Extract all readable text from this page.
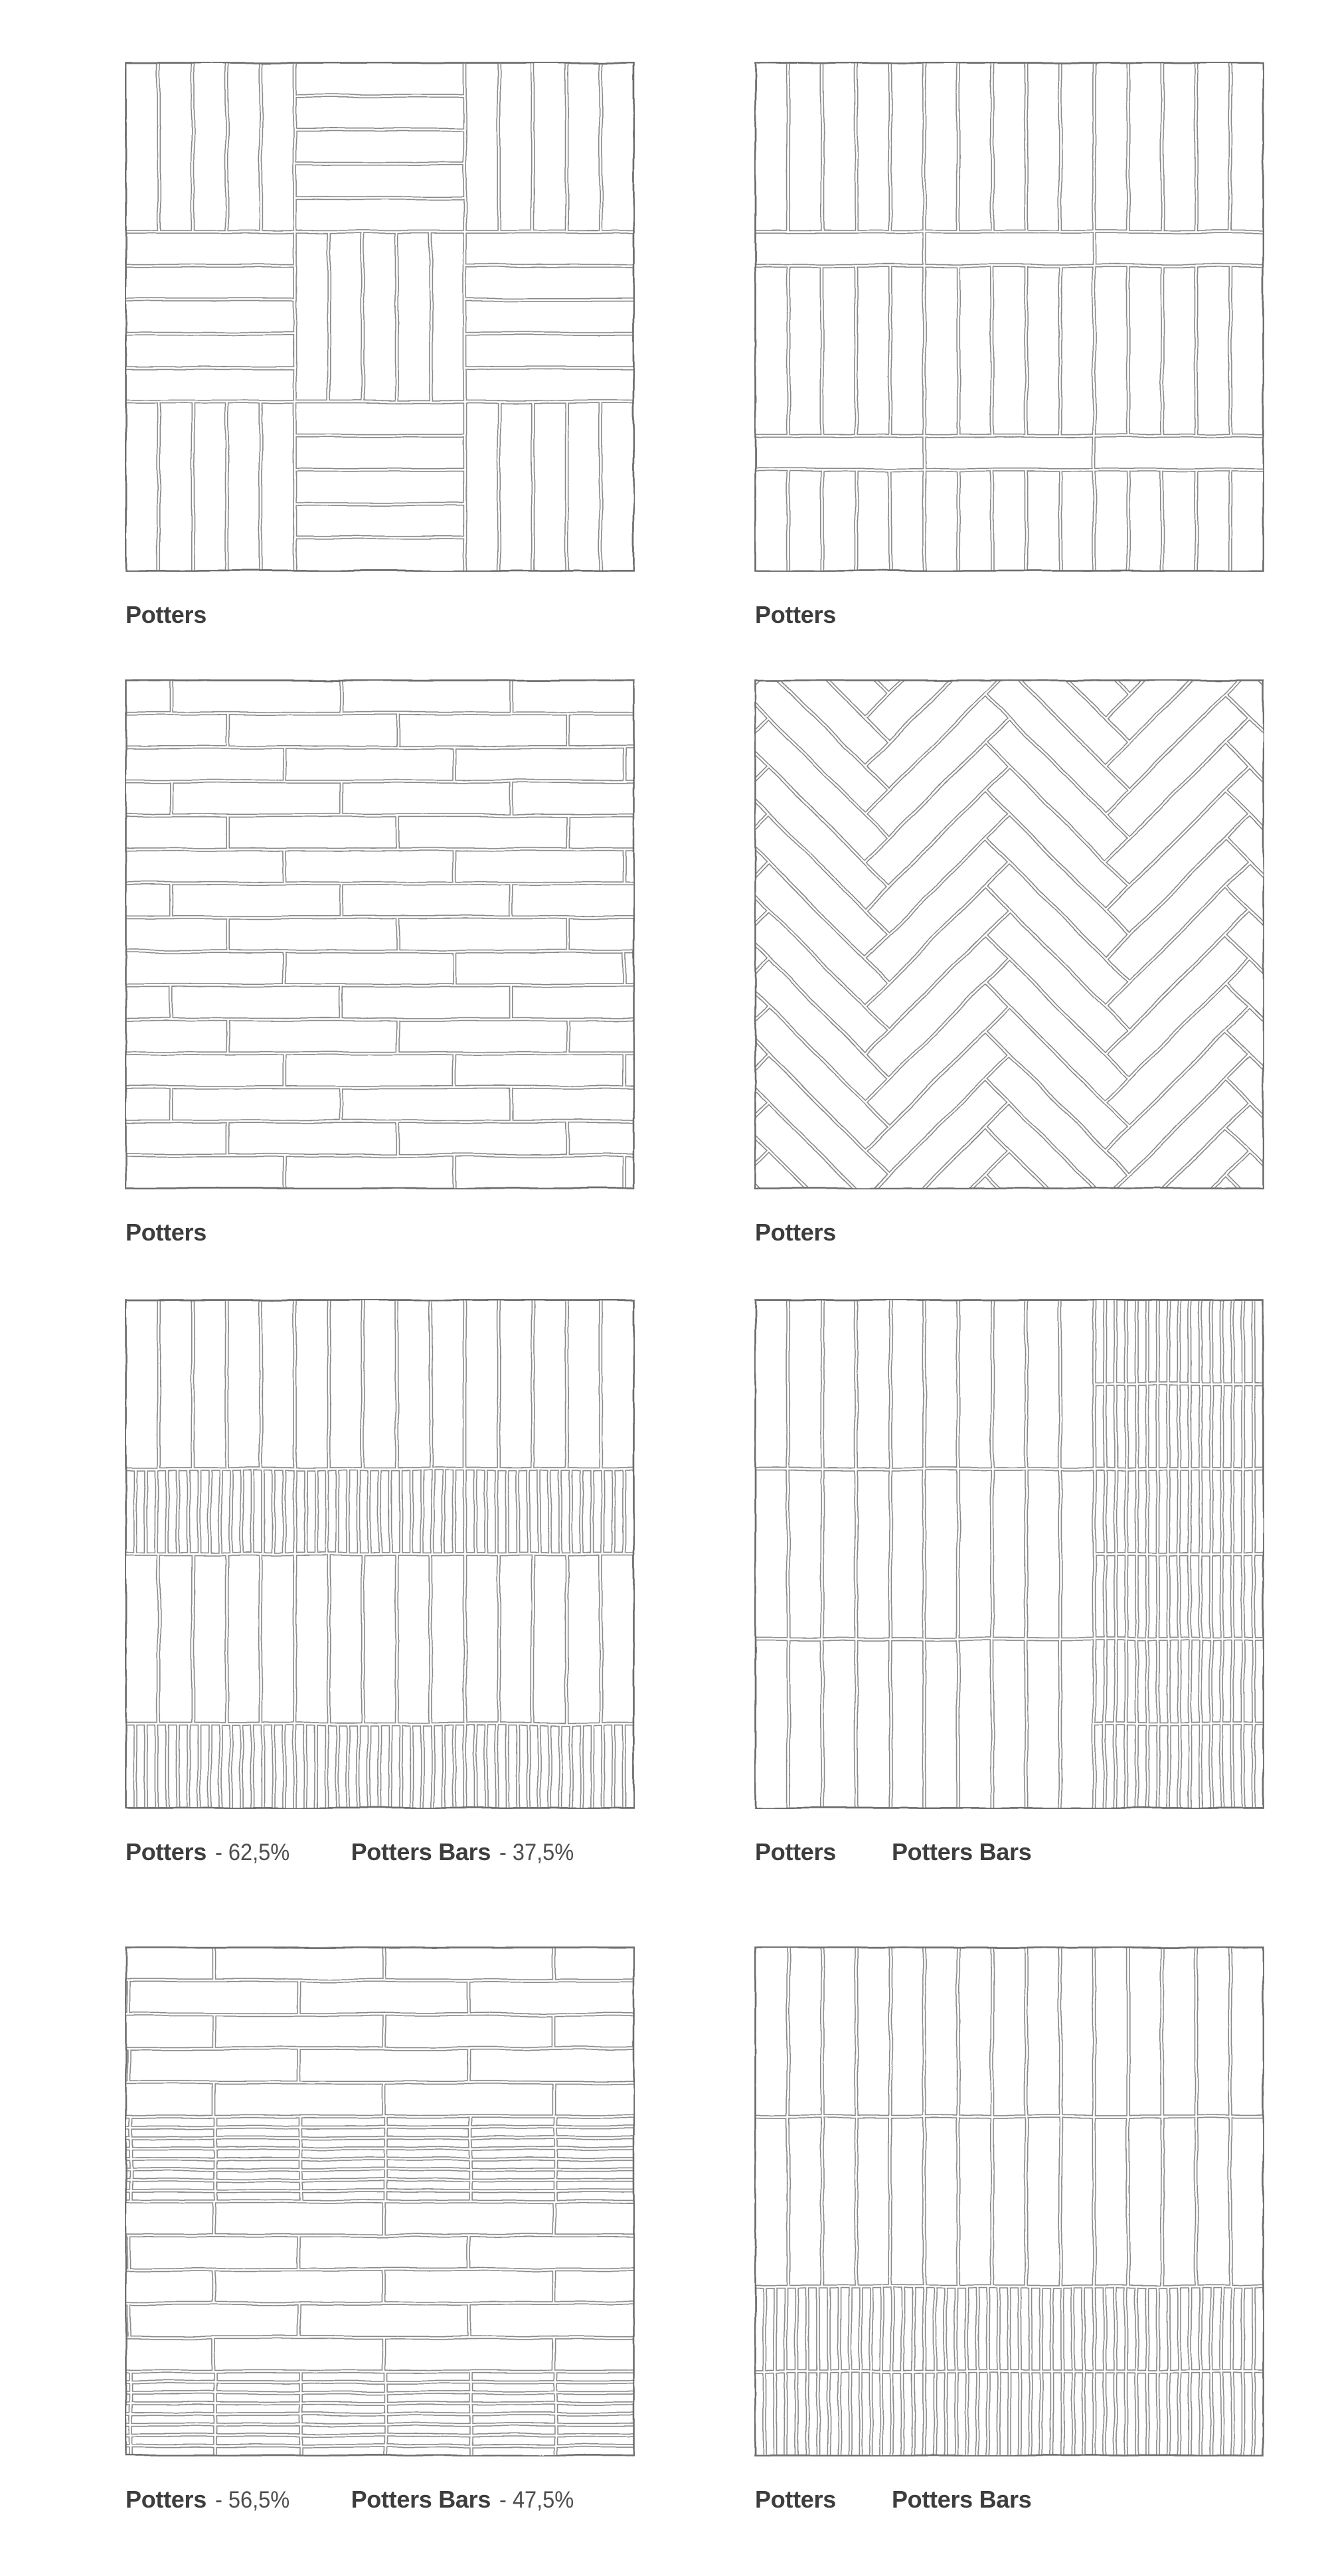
Potters	Potters
Potters	Potters
Potters - 62,5%	Potters Bars - 37,5%	Potters Potters Bars
Potters - 56,5%	Potters Bars - 47,5%	Potters Potters Bars
